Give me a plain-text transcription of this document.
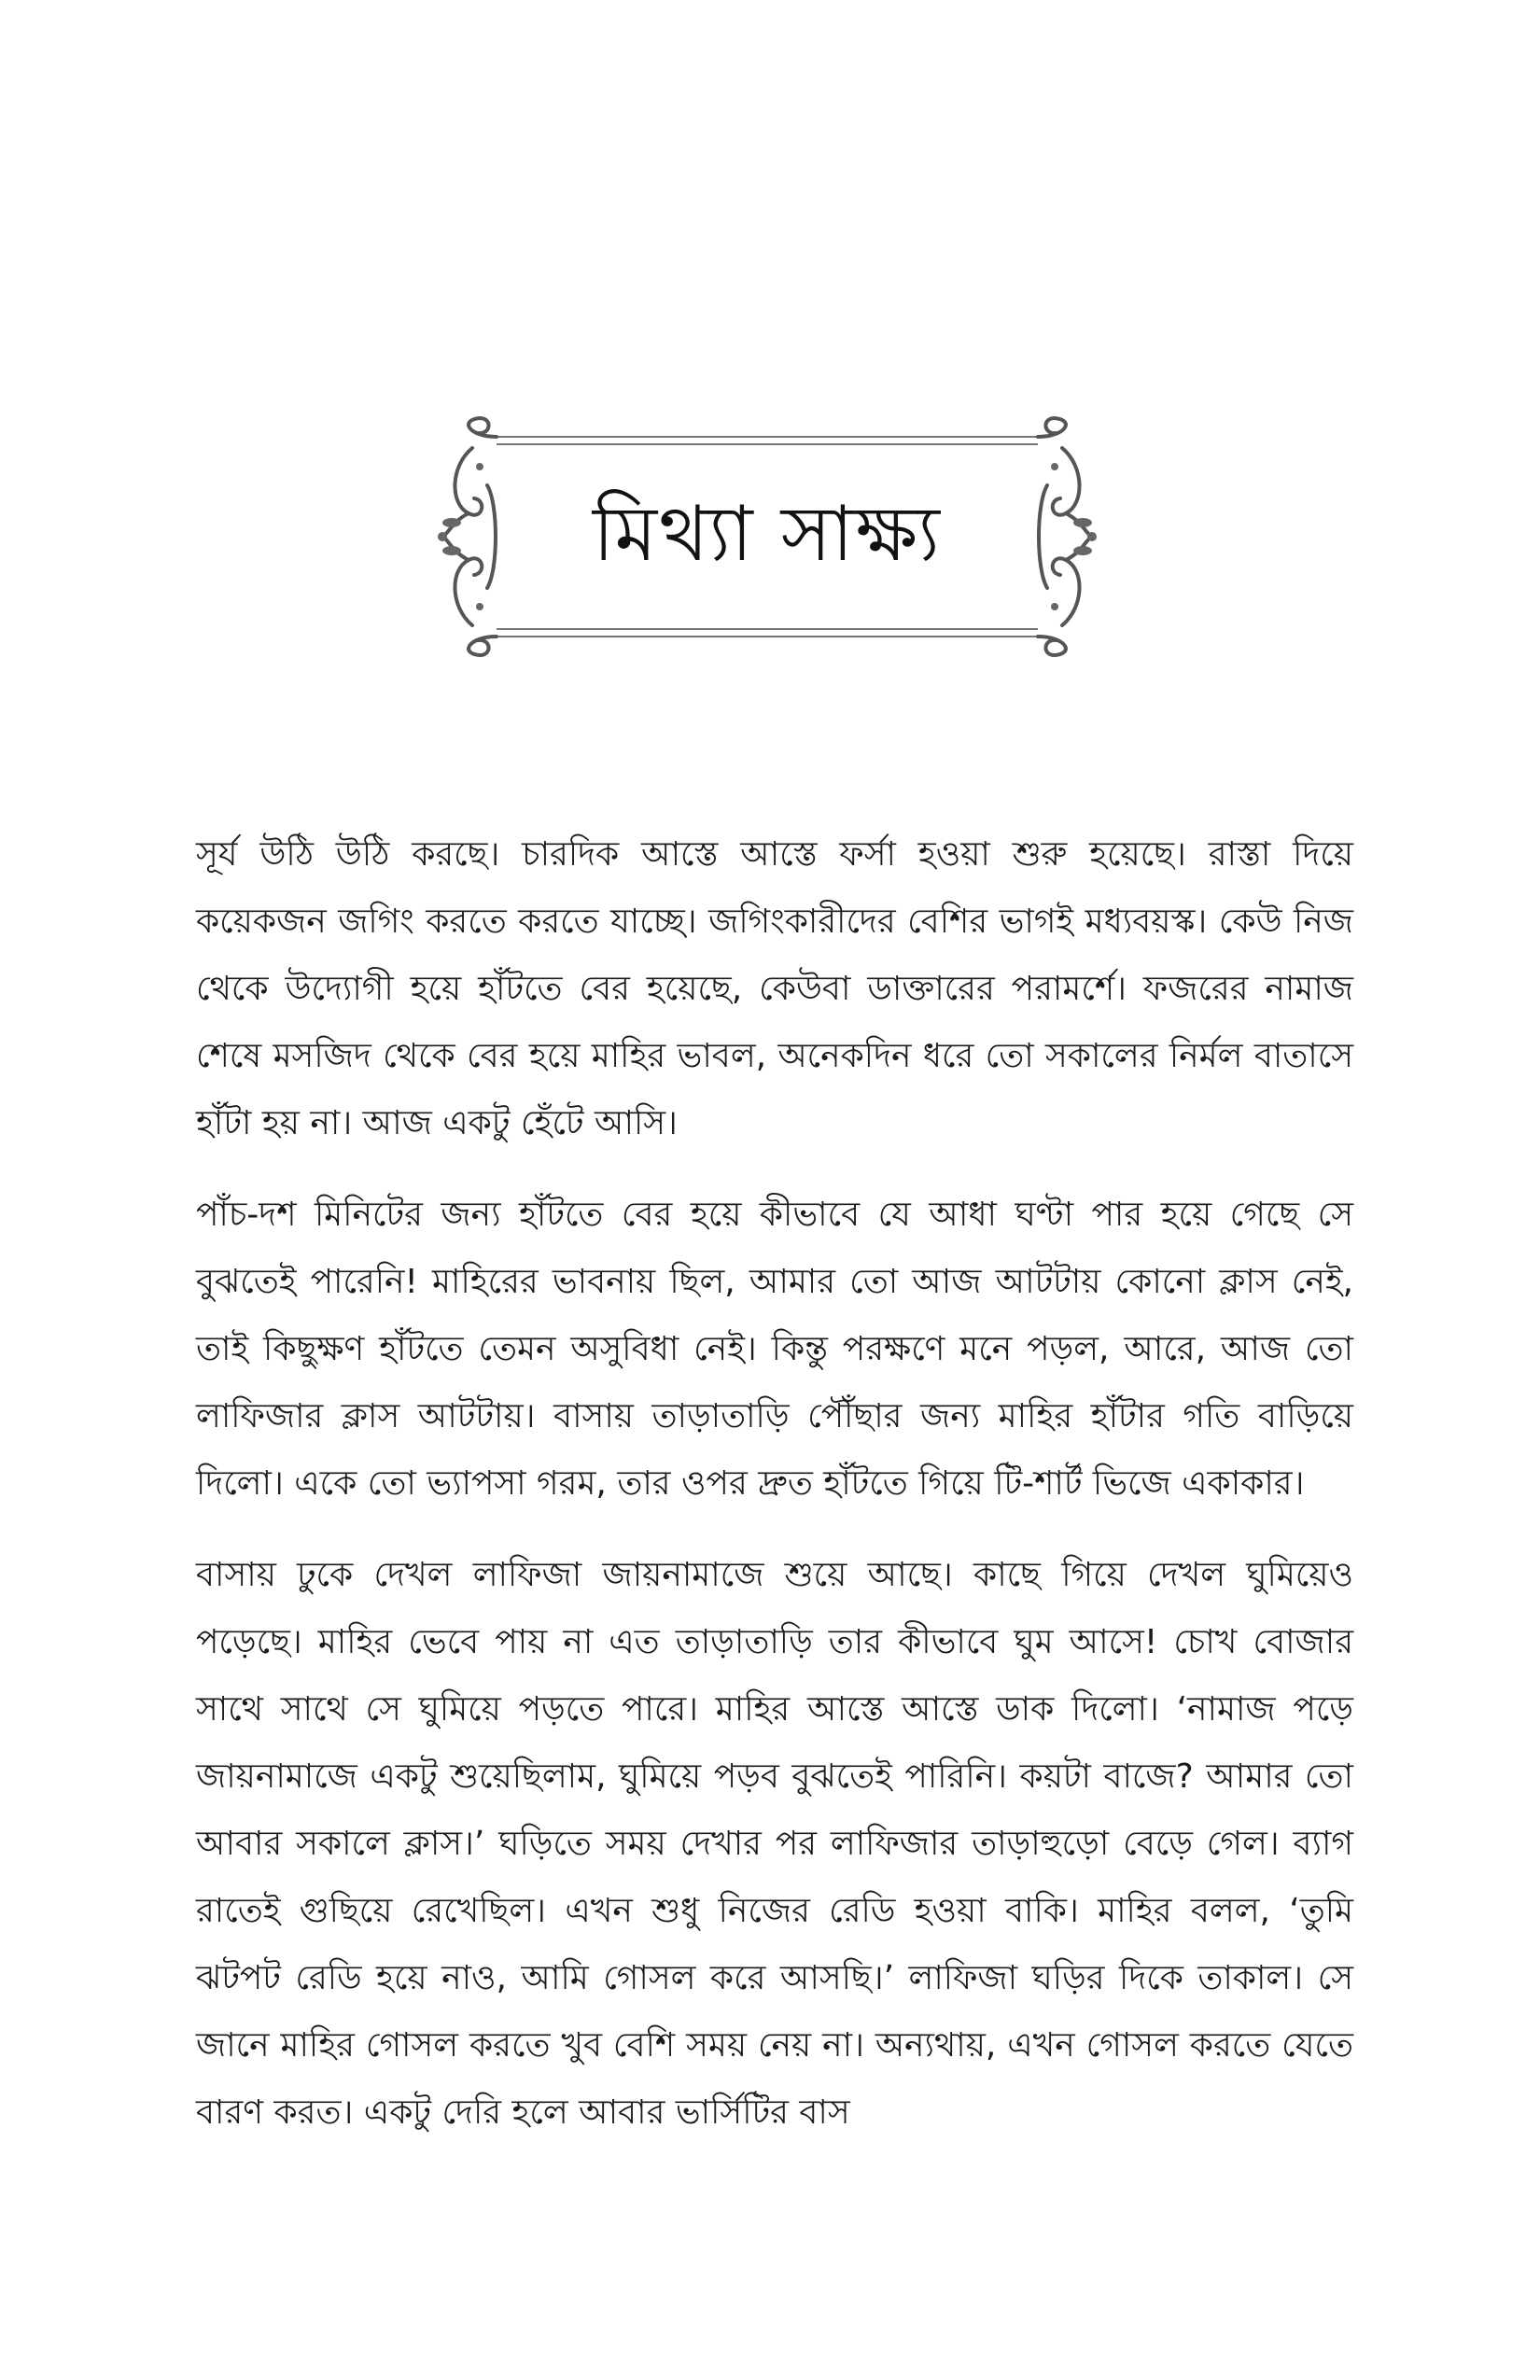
মিথ্যা সাক্ষ্য

সূর্য উঠি উঠি করছে। চারদিক আস্তে আস্তে ফর্সা হওয়া শুরু হয়েছে। রাস্তা দিয়ে কয়েকজন জগিং করতে করতে যাচ্ছে। জগিংকারীদের বেশির ভাগই মধ্যবয়স্ক। কেউ নিজ থেকে উদ্যোগী হয়ে হাঁটতে বের হয়েছে, কেউবা ডাক্তারের পরামর্শে। ফজরের নামাজ শেষে মসজিদ থেকে বের হয়ে মাহির ভাবল, অনেকদিন ধরে তো সকালের নির্মল বাতাসে হাঁটা হয় না। আজ একটু হেঁটে আসি।

পাঁচ-দশ মিনিটের জন্য হাঁটতে বের হয়ে কীভাবে যে আধা ঘণ্টা পার হয়ে গেছে সে বুঝতেই পারেনি! মাহিরের ভাবনায় ছিল, আমার তো আজ আটটায় কোনো ক্লাস নেই, তাই কিছুক্ষণ হাঁটতে তেমন অসুবিধা নেই। কিন্তু পরক্ষণে মনে পড়ল, আরে, আজ তো লাফিজার ক্লাস আটটায়। বাসায় তাড়াতাড়ি পৌঁছার জন্য মাহির হাঁটার গতি বাড়িয়ে দিলো। একে তো ভ্যাপসা গরম, তার ওপর দ্রুত হাঁটতে গিয়ে টি-শার্ট ভিজে একাকার।

বাসায় ঢুকে দেখল লাফিজা জায়নামাজে শুয়ে আছে। কাছে গিয়ে দেখল ঘুমিয়েও পড়েছে। মাহির ভেবে পায় না এত তাড়াতাড়ি তার কীভাবে ঘুম আসে! চোখ বোজার সাথে সাথে সে ঘুমিয়ে পড়তে পারে। মাহির আস্তে আস্তে ডাক দিলো। ‘নামাজ পড়ে জায়নামাজে একটু শুয়েছিলাম, ঘুমিয়ে পড়ব বুঝতেই পারিনি। কয়টা বাজে? আমার তো আবার সকালে ক্লাস।’ ঘড়িতে সময় দেখার পর লাফিজার তাড়াহুড়ো বেড়ে গেল। ব্যাগ রাতেই গুছিয়ে রেখেছিল। এখন শুধু নিজের রেডি হওয়া বাকি। মাহির বলল, ‘তুমি ঝটপট রেডি হয়ে নাও, আমি গোসল করে আসছি।’ লাফিজা ঘড়ির দিকে তাকাল। সে জানে মাহির গোসল করতে খুব বেশি সময় নেয় না। অন্যথায়, এখন গোসল করতে যেতে বারণ করত। একটু দেরি হলে আবার ভার্সিটির বাস
